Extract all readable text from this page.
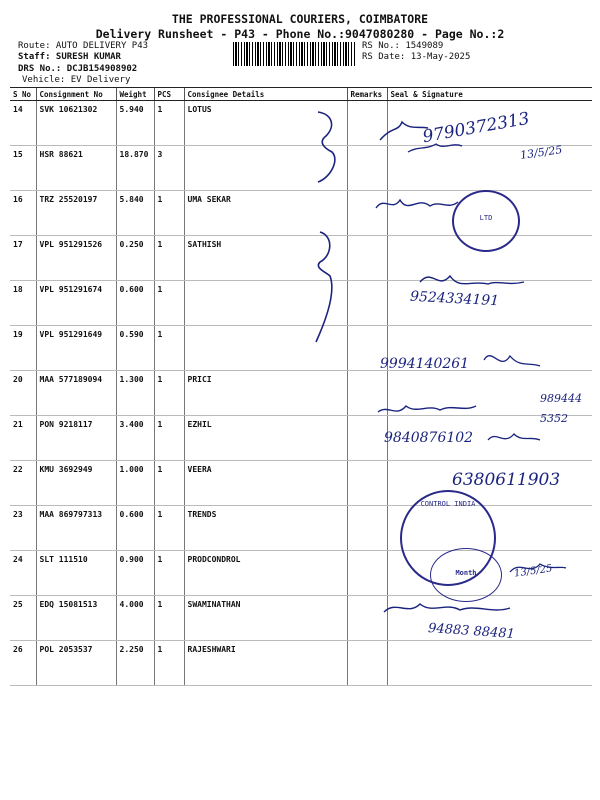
THE PROFESSIONAL COURIERS, COIMBATORE
Delivery Runsheet - P43 - Phone No.:9047080280 - Page No.:2
Route: AUTO DELIVERY P43
Staff: SURESH KUMAR
DRS No.: DCJB154908902
Vehicle: EV Delivery
RS No.: 1549089
RS Date: 13-May-2025
S No	Consignment No	Weight	PCS	Consignee Details	Remarks	Seal & Signature
14	SVK 10621302	5.940	1	LOTUS		
15	HSR 88621	18.870	3			
16	TRZ 25520197	5.840	1	UMA SEKAR		
17	VPL 951291526	0.250	1	SATHISH		
18	VPL 951291674	0.600	1			
19	VPL 951291649	0.590	1			
20	MAA 577189094	1.300	1	PRICI		
21	PON 9218117	3.400	1	EZHIL		
22	KMU 3692949	1.000	1	VEERA		
23	MAA 869797313	0.600	1	TRENDS		
24	SLT 111510	0.900	1	PRODCONDROL		
25	EDQ 15081513	4.000	1	SWAMINATHAN		
26	POL 2053537	2.250	1	RAJESHWARI		
9790372313
13/5/25
9524334191
9994140261
989444
5352
9840876102
6380611903
13/5/25
94883 88481
LTD
CONTROL INDIA
Month
